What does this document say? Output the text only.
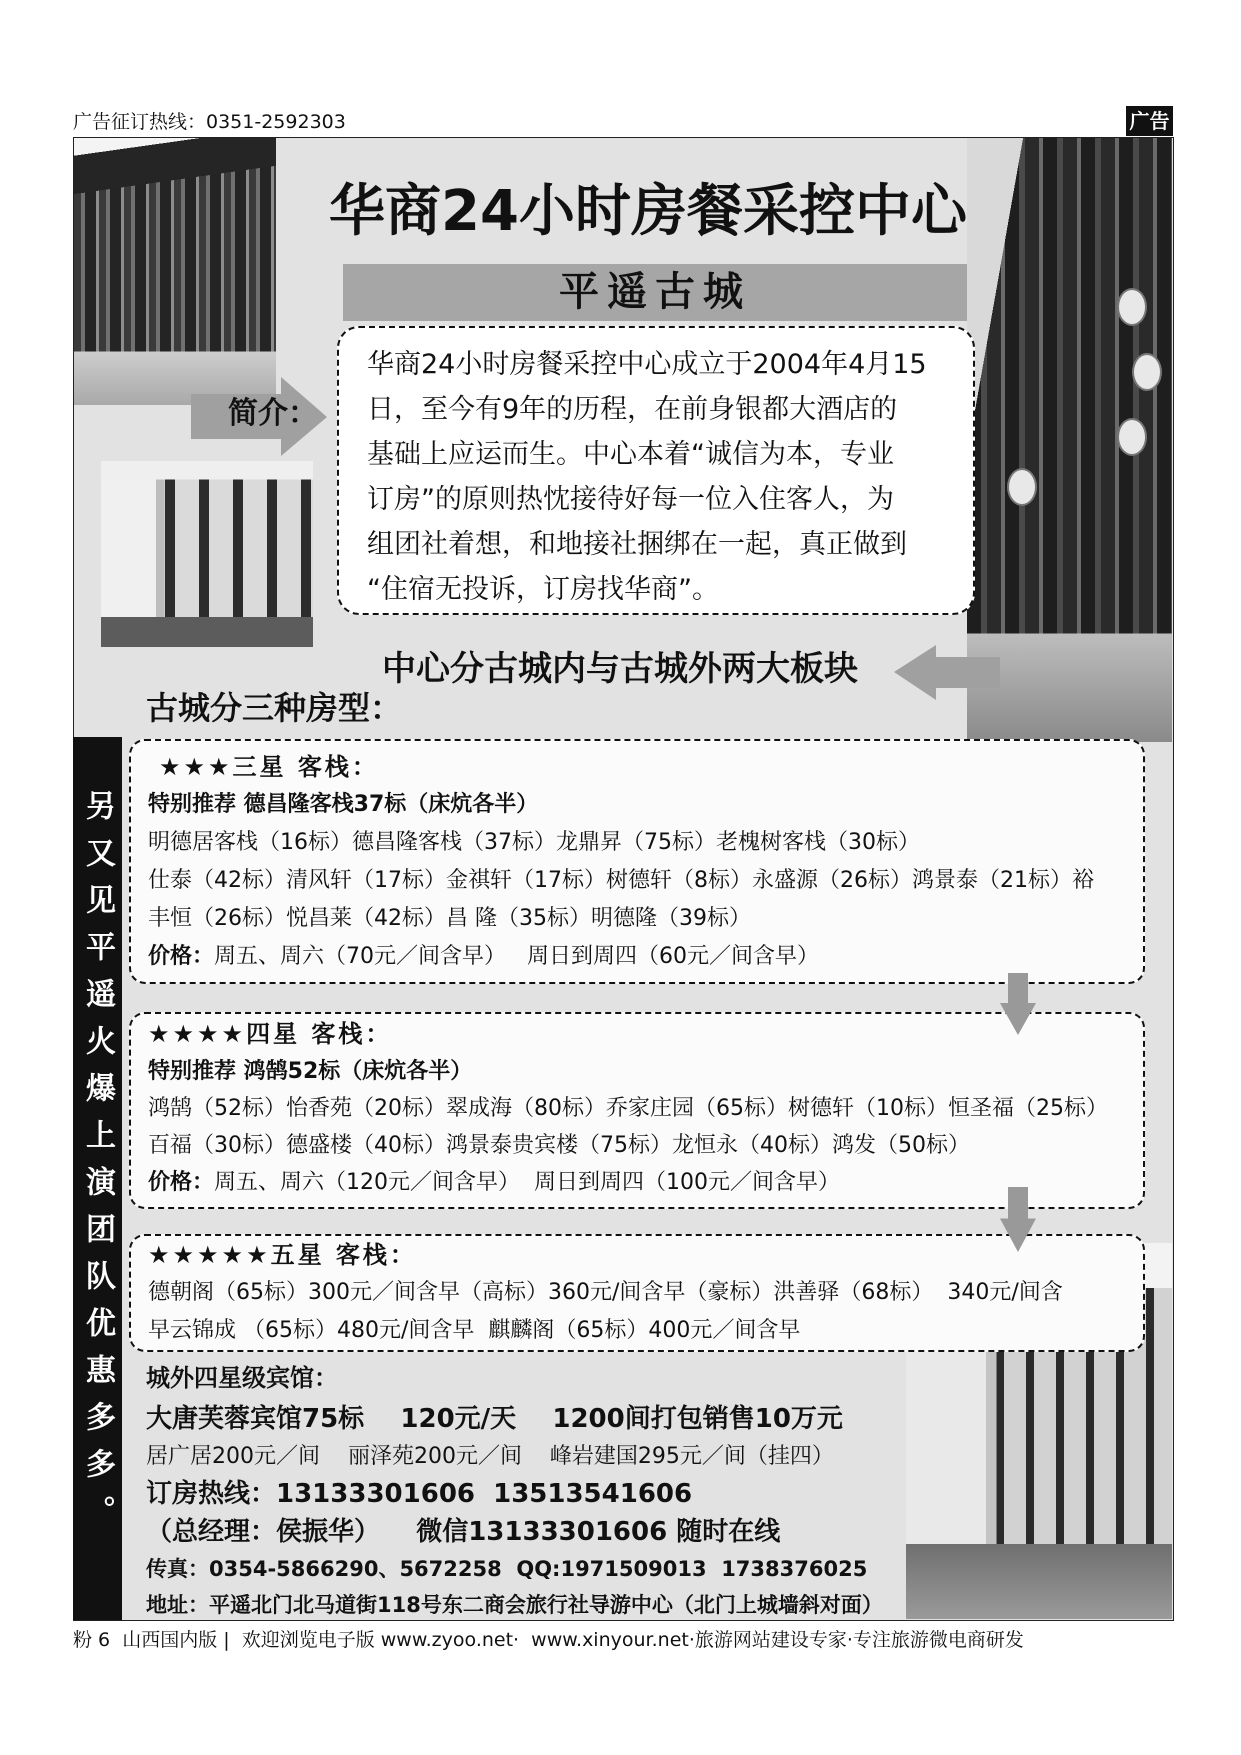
广告征订热线：0351-2592303	广告
华商24小时房餐采控中心
平遥古城
简介：
华商24小时房餐采控中心成立于2004年4月15
日，至今有9年的历程，在前身银都大酒店的
基础上应运而生。中心本着“诚信为本，专业
订房”的原则热忱接待好每一位入住客人，为
组团社着想，和地接社捆绑在一起，真正做到
“住宿无投诉，订房找华商”。
中心分古城内与古城外两大板块
古城分三种房型：
另又见平遥火爆上演团队优惠多多。
★★★三星 客栈：
特别推荐 德昌隆客栈37标（床炕各半）
明德居客栈（16标）德昌隆客栈（37标）龙鼎昇（75标）老槐树客栈（30标）
仕泰（42标）清风轩（17标）金祺轩（17标）树德轩（8标）永盛源（26标）鸿景泰（21标）裕
丰恒（26标）悦昌莱（42标）昌 隆（35标）明德隆（39标）
价格：周五、周六（70元／间含早）   周日到周四（60元／间含早）
★★★★四星 客栈：
特别推荐 鸿鹄52标（床炕各半）
鸿鹄（52标）怡香苑（20标）翠成海（80标）乔家庄园（65标）树德轩（10标）恒圣福（25标）
百福（30标）德盛楼（40标）鸿景泰贵宾楼（75标）龙恒永（40标）鸿发（50标）
价格：周五、周六（120元／间含早）  周日到周四（100元／间含早）
★★★★★五星 客栈：
德朝阁（65标）300元／间含早（高标）360元/间含早（豪标）洪善驿（68标）  340元/间含
早云锦成 （65标）480元/间含早  麒麟阁（65标）400元／间含早
城外四星级宾馆：
大唐芙蓉宾馆75标    120元/天    1200间打包销售10万元
居广居200元／间    丽泽苑200元／间    峰岩建国295元／间（挂四）
订房热线：13133301606  13513541606
（总经理：侯振华）    微信13133301606 随时在线
传真：0354-5866290、5672258  QQ:1971509013  1738376025
地址：平遥北门北马道街118号东二商会旅行社导游中心（北门上城墙斜对面）
粉 6  山西国内版 |  欢迎浏览电子版 www.zyoo.net·  www.xinyour.net·旅游网站建设专家·专注旅游微电商研发
